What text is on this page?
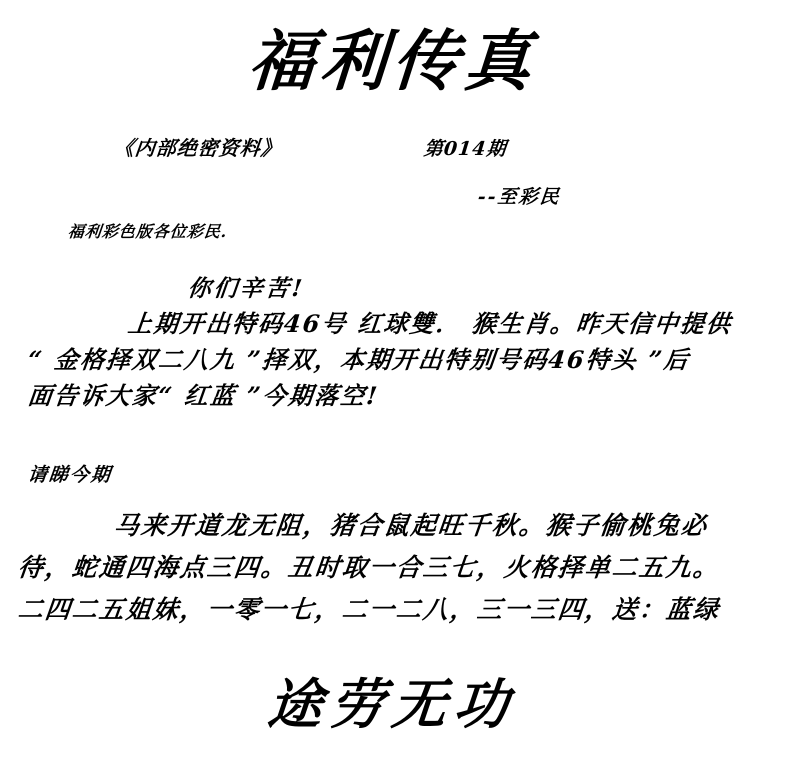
福利传真
《内部绝密资料》	第014期
--至彩民
福利彩色版各位彩民.
你们辛苦!
上期开出特码46号 红球雙． 猴生肖。昨天信中提供
“ 金格择双二八九 ”择双，本期开出特别号码46特头 ”后
面告诉大家“ 红蓝 ”今期落空!
请睇今期
马来开道龙无阻，猪合鼠起旺千秋。猴子偷桃兔必
待，蛇通四海点三四。丑时取一合三七，火格择单二五九。
二四二五姐妹，一零一七，二一二八，三一三四，送：蓝绿
途劳无功
